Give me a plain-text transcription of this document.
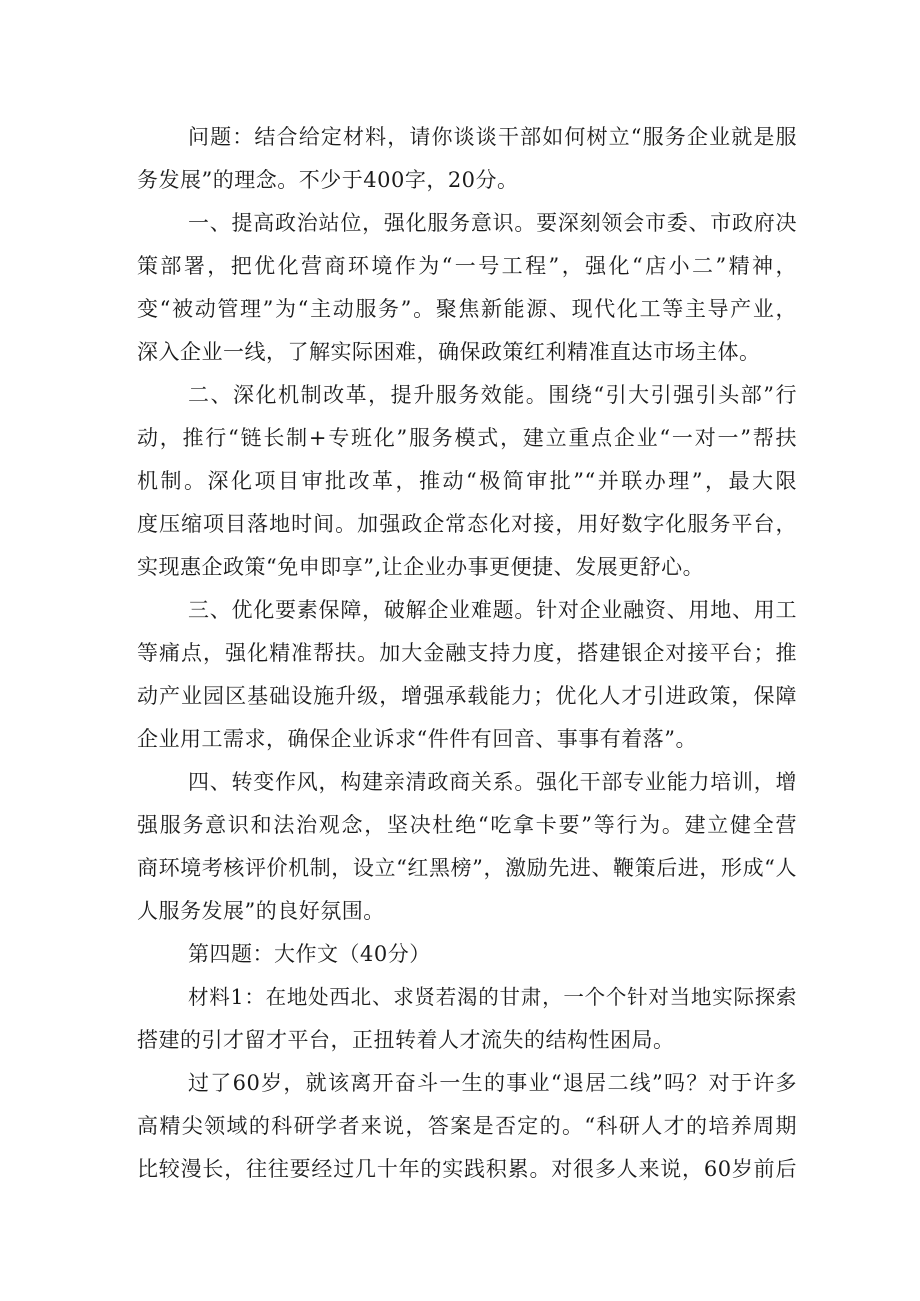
问题：结合给定材料，请你谈谈干部如何树立“服务企业就是服
务发展”的理念。不少于400字，20分。
一、提高政治站位，强化服务意识。要深刻领会市委、市政府决
策部署，把优化营商环境作为“一号工程”，强化“店小二”精神，
变“被动管理”为“主动服务”。聚焦新能源、现代化工等主导产业，
深入企业一线，了解实际困难，确保政策红利精准直达市场主体。
二、深化机制改革，提升服务效能。围绕“引大引强引头部”行
动，推行“链长制+专班化”服务模式，建立重点企业“一对一”帮扶
机制。深化项目审批改革，推动“极简审批”“并联办理”，最大限
度压缩项目落地时间。加强政企常态化对接，用好数字化服务平台，
实现惠企政策“免申即享”,让企业办事更便捷、发展更舒心。
三、优化要素保障，破解企业难题。针对企业融资、用地、用工
等痛点，强化精准帮扶。加大金融支持力度，搭建银企对接平台；推
动产业园区基础设施升级，增强承载能力；优化人才引进政策，保障
企业用工需求，确保企业诉求“件件有回音、事事有着落”。
四、转变作风，构建亲清政商关系。强化干部专业能力培训，增
强服务意识和法治观念，坚决杜绝“吃拿卡要”等行为。建立健全营
商环境考核评价机制，设立“红黑榜”，激励先进、鞭策后进，形成“人
人服务发展”的良好氛围。
第四题：大作文（40分）
材料1：在地处西北、求贤若渴的甘肃，一个个针对当地实际探索
搭建的引才留才平台，正扭转着人才流失的结构性困局。
过了60岁，就该离开奋斗一生的事业“退居二线”吗？对于许多
高精尖领域的科研学者来说，答案是否定的。“科研人才的培养周期
比较漫长，往往要经过几十年的实践积累。对很多人来说，60岁前后
